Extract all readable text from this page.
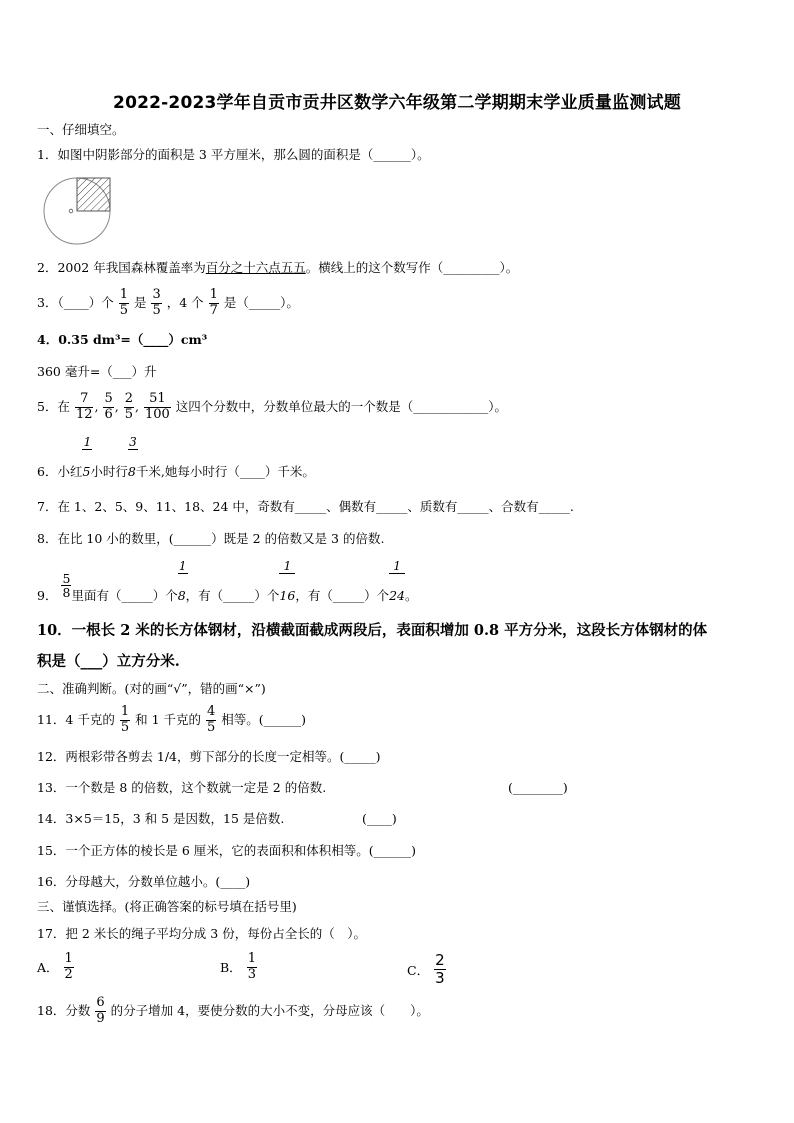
2022-2023学年自贡市贡井区数学六年级第二学期期末学业质量监测试题
一、仔细填空。
1．如图中阴影部分的面积是 3 平方厘米，那么圆的面积是（______）。
2．2002 年我国森林覆盖率为百分之十六点五五。横线上的这个数写作（_________）。
3．（____）个 $\frac{1}{5}$ 是 $\frac{3}{5}$ ，4 个 $\frac{1}{7}$ 是（_____）。
4．0.35 dm³=（____）cm³
360 毫升=（___）升
5．在 $\frac{7}{12}$ , $\frac{5}{6}$ , $\frac{2}{5}$ , $\frac{51}{100}$ 这四个分数中，分数单位最大的一个数是（____________）。
6．小红
1
5小时行
3
8千米,她每小时行（____）千米。
7．在 1、2、5、9、11、18、24 中，奇数有_____、偶数有_____、质数有_____、合数有_____.
8．在比 10 小的数里，(______）既是 2 的倍数又是 3 的倍数.
9．
5
8 里面有（_____）个
1
8，有（_____）个
1
16，有（_____）个
1
24。
10．一根长 2 米的长方体钢材，沿横截面截成两段后，表面积增加 0.8 平方分米，这段长方体钢材的体
积是（___）立方分米.
二、准确判断。(对的画“√”，错的画“×”)
11．4 千克的 $\frac{1}{5}$ 和 1 千克的 $\frac{4}{5}$ 相等。(______)
12．两根彩带各剪去 1/4，剪下部分的长度一定相等。(_____)
13．一个数是 8 的倍数，这个数就一定是 2 的倍数.	(________)
14．3×5＝15，3 和 5 是因数，15 是倍数.	(____)
15．一个正方体的棱长是 6 厘米，它的表面积和体积相等。(______)
16．分母越大，分数单位越小。(____)
三、谨慎选择。(将正确答案的标号填在括号里)
17．把 2 米长的绳子平均分成 3 份，每份占全长的（　）。
A． $\frac{1}{2}$	B． $\frac{1}{3}$	C． $\frac{2}{3}$
18．分数 $\frac{6}{9}$ 的分子增加 4，要使分数的大小不变，分母应该（　　）。
